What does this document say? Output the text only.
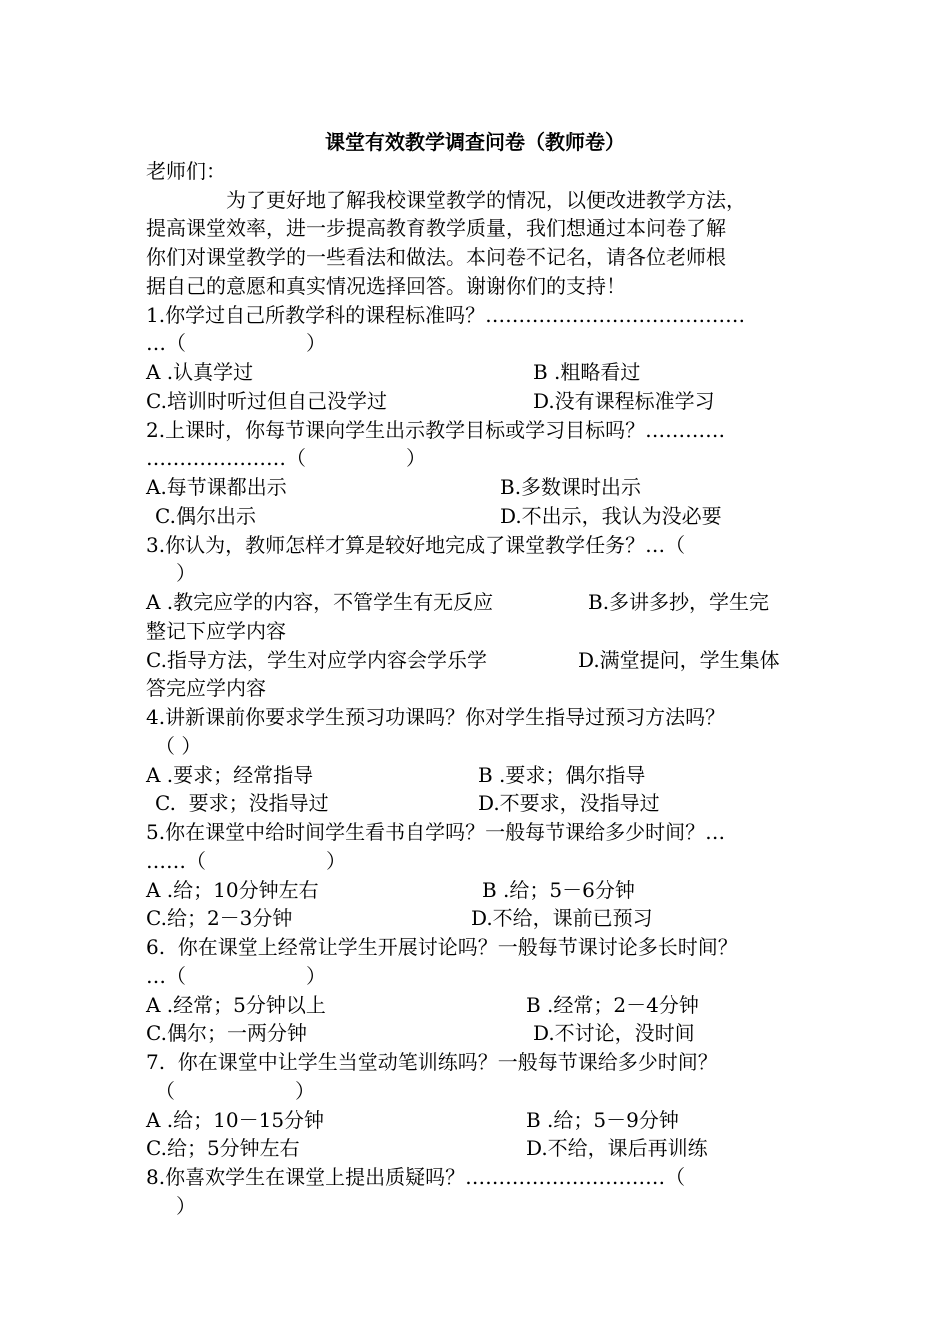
课堂有效教学调查问卷（教师卷）
老师们：
为了更好地了解我校课堂教学的情况，以便改进教学方法，
提高课堂效率，进一步提高教育教学质量，我们想通过本问卷了解
你们对课堂教学的一些看法和做法。本问卷不记名，请各位老师根
据自己的意愿和真实情况选择回答。谢谢你们的支持！
1.你学过自己所教学科的课程标准吗？…………………………………
…（　　　　　　）
A .认真学过	B .粗略看过
C.培训时听过但自己没学过	D.没有课程标准学习
2.上课时，你每节课向学生出示教学目标或学习目标吗？…………
…………………（　　　　　）
A.每节课都出示	B.多数课时出示
C.偶尔出示	D.不出示，我认为没必要
3.你认为，教师怎样才算是较好地完成了课堂教学任务？…（
）
A .教完应学的内容，不管学生有无反应	B.多讲多抄，学生完
整记下应学内容
C.指导方法，学生对应学内容会学乐学	D.满堂提问，学生集体
答完应学内容
4.讲新课前你要求学生预习功课吗？你对学生指导过预习方法吗？
（ ）
A .要求；经常指导	B .要求；偶尔指导
C.  要求；没指导过	D.不要求，没指导过
5.你在课堂中给时间学生看书自学吗？一般每节课给多少时间？…
……（　　　　　　）
A .给；10分钟左右	B .给；5－6分钟
C.给；2－3分钟	D.不给，课前已预习
6.  你在课堂上经常让学生开展讨论吗？一般每节课讨论多长时间？
…（　　　　　　）
A .经常；5分钟以上	B .经常；2－4分钟
C.偶尔；一两分钟	D.不讨论，没时间
7.  你在课堂中让学生当堂动笔训练吗？一般每节课给多少时间？
（　　　　　　）
A .给；10－15分钟	B .给；5－9分钟
C.给；5分钟左右	D.不给，课后再训练
8.你喜欢学生在课堂上提出质疑吗？…………………………（
）
